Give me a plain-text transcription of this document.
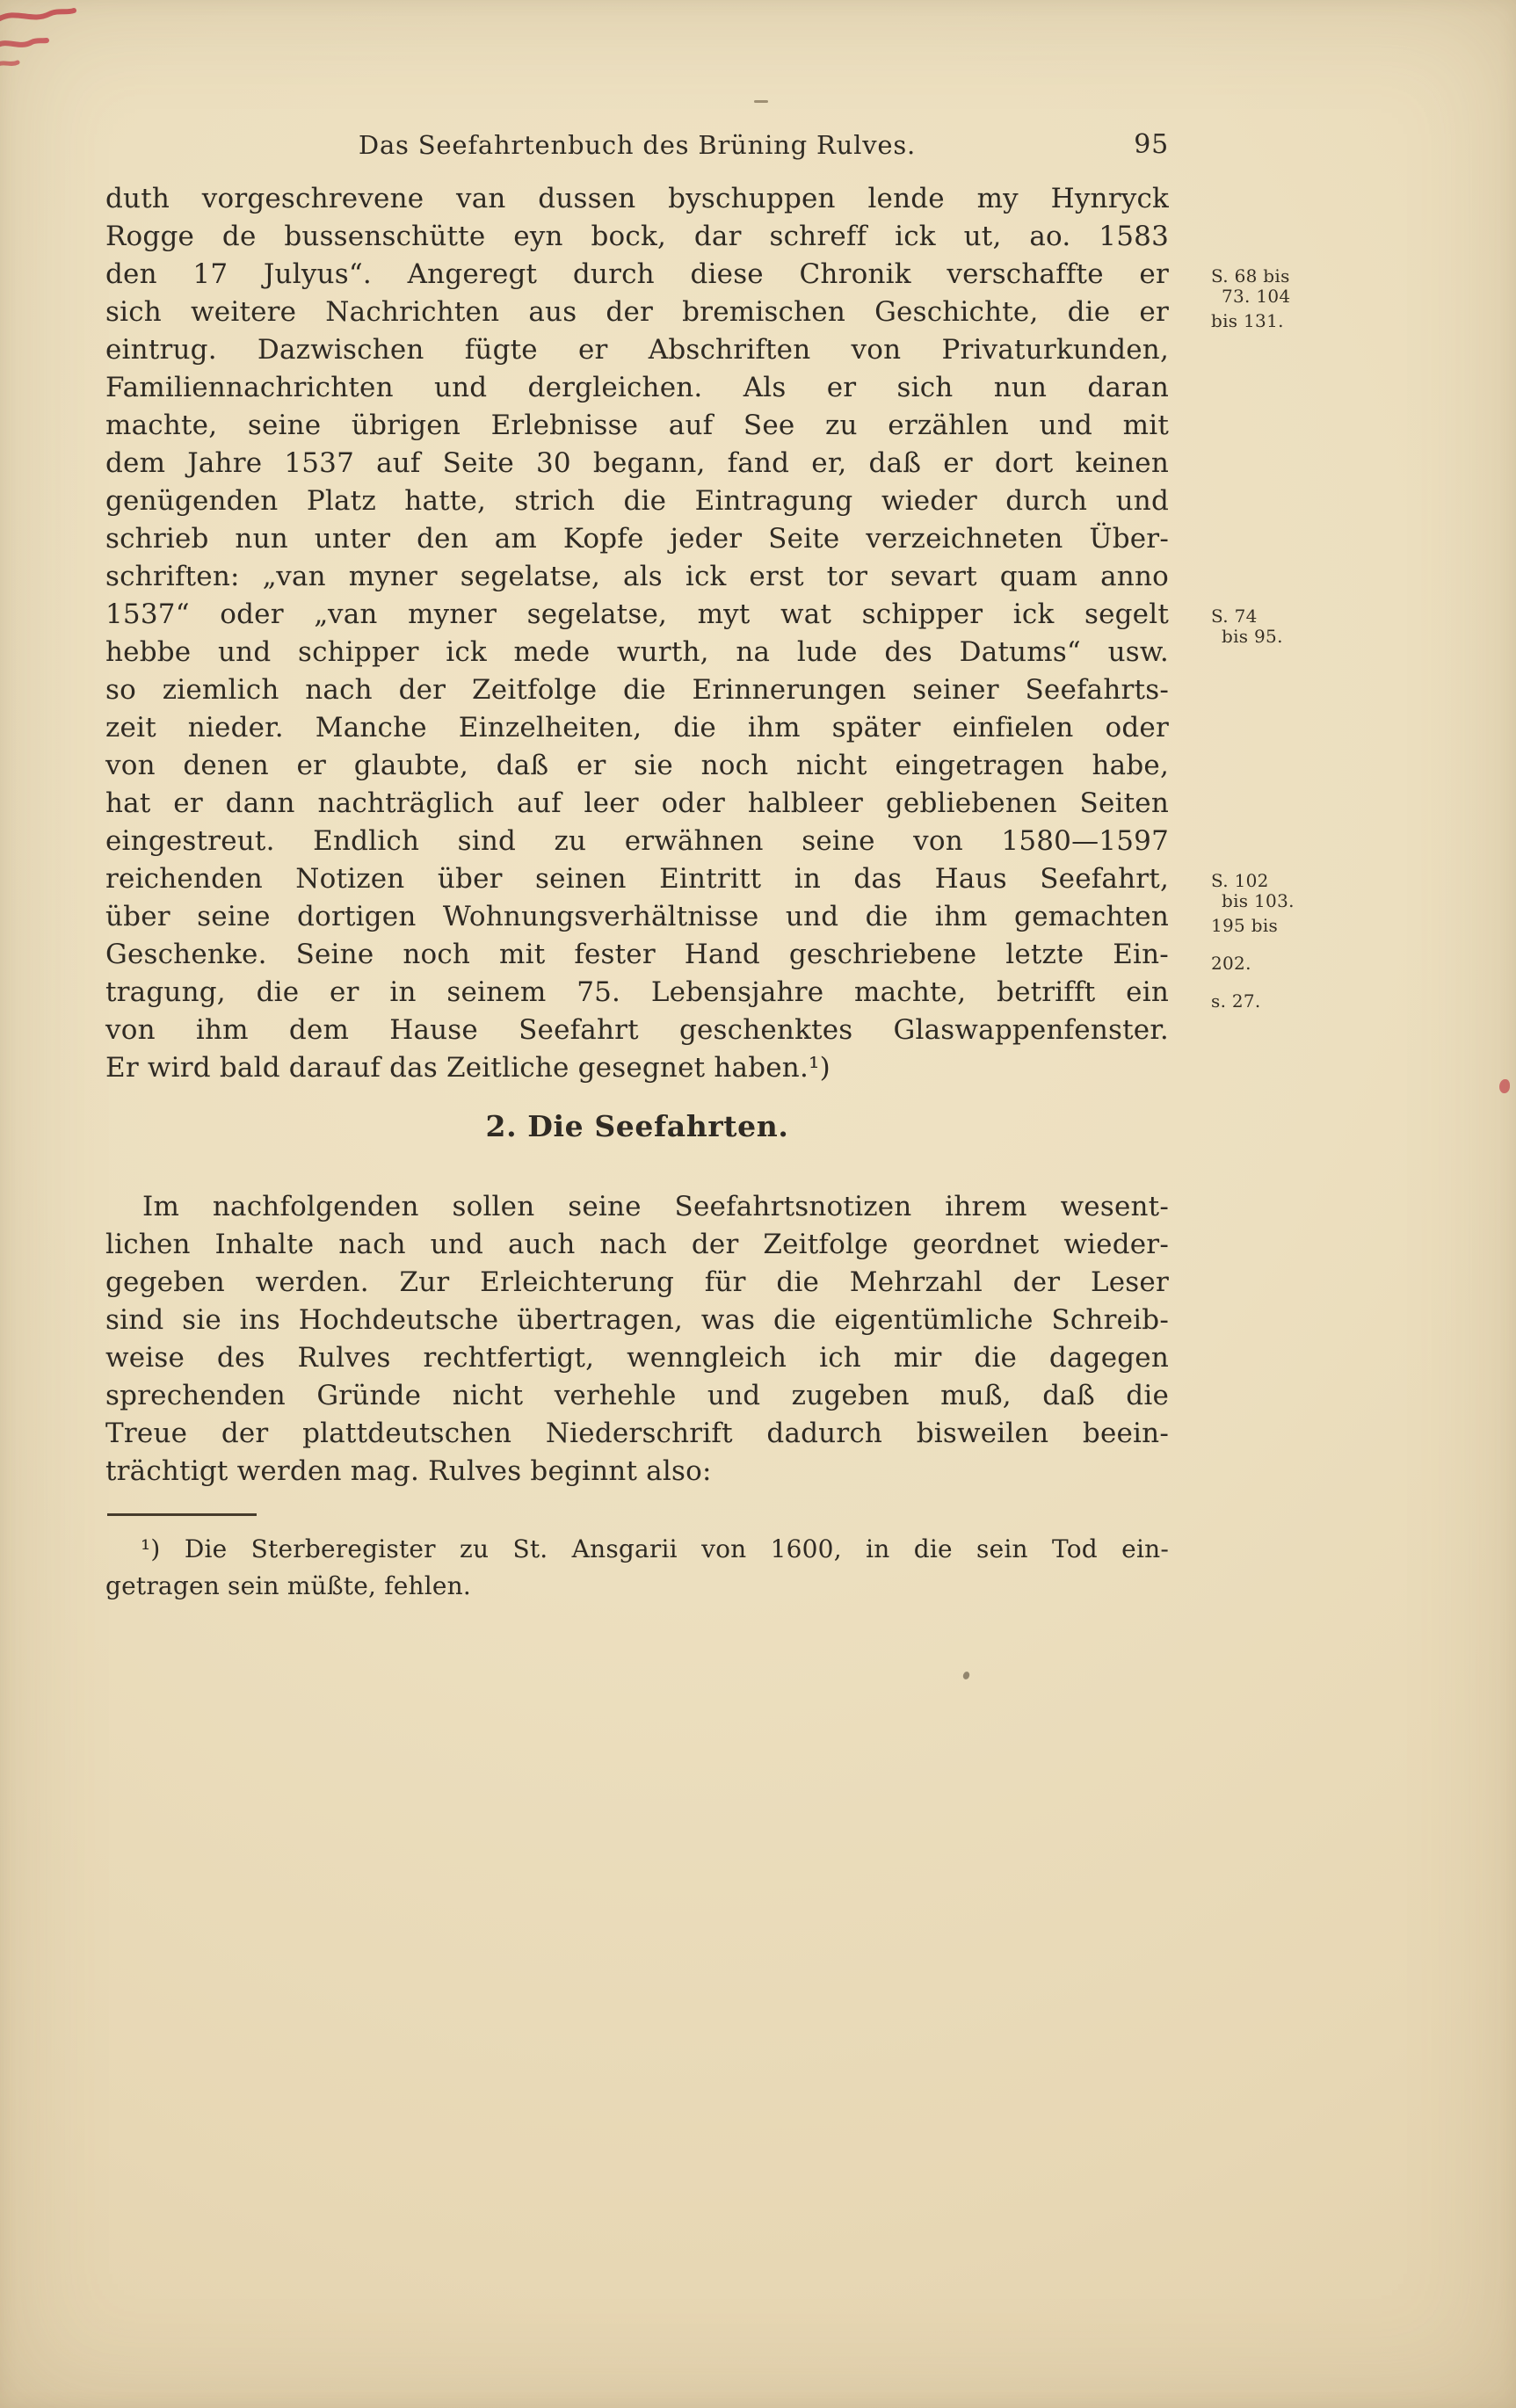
Das Seefahrtenbuch des Brüning Rulves.	95
duth vorgeschrevene van dussen byschuppen lende my Hynryck
Rogge de bussenschütte eyn bock, dar schreff ick ut, ao. 1583
den 17 Julyus“. Angeregt durch diese Chronik verschaffte er
sich weitere Nachrichten aus der bremischen Geschichte, die er
eintrug. Dazwischen fügte er Abschriften von Privaturkunden,
Familiennachrichten und dergleichen. Als er sich nun daran
machte, seine übrigen Erlebnisse auf See zu erzählen und mit
dem Jahre 1537 auf Seite 30 begann, fand er, daß er dort keinen
genügenden Platz hatte, strich die Eintragung wieder durch und
schrieb nun unter den am Kopfe jeder Seite verzeichneten Über-
schriften: „van myner segelatse, als ick erst tor sevart quam anno
1537“ oder „van myner segelatse, myt wat schipper ick segelt
hebbe und schipper ick mede wurth, na lude des Datums“ usw.
so ziemlich nach der Zeitfolge die Erinnerungen seiner Seefahrts-
zeit nieder. Manche Einzelheiten, die ihm später einfielen oder
von denen er glaubte, daß er sie noch nicht eingetragen habe,
hat er dann nachträglich auf leer oder halbleer gebliebenen Seiten
eingestreut. Endlich sind zu erwähnen seine von 1580—1597
reichenden Notizen über seinen Eintritt in das Haus Seefahrt,
über seine dortigen Wohnungsverhältnisse und die ihm gemachten
Geschenke. Seine noch mit fester Hand geschriebene letzte Ein-
tragung, die er in seinem 75. Lebensjahre machte, betrifft ein
von ihm dem Hause Seefahrt geschenktes Glaswappenfenster.
Er wird bald darauf das Zeitliche gesegnet haben.¹)
S. 68 bis
73. 104
bis 131.
S. 74
bis 95.
S. 102
bis 103.
195 bis
202.
s. 27.
2. Die Seefahrten.
Im nachfolgenden sollen seine Seefahrtsnotizen ihrem wesent-
lichen Inhalte nach und auch nach der Zeitfolge geordnet wieder-
gegeben werden. Zur Erleichterung für die Mehrzahl der Leser
sind sie ins Hochdeutsche übertragen, was die eigentümliche Schreib-
weise des Rulves rechtfertigt, wenngleich ich mir die dagegen
sprechenden Gründe nicht verhehle und zugeben muß, daß die
Treue der plattdeutschen Niederschrift dadurch bisweilen beein-
trächtigt werden mag. Rulves beginnt also:
¹) Die Sterberegister zu St. Ansgarii von 1600, in die sein Tod ein-
getragen sein müßte, fehlen.
